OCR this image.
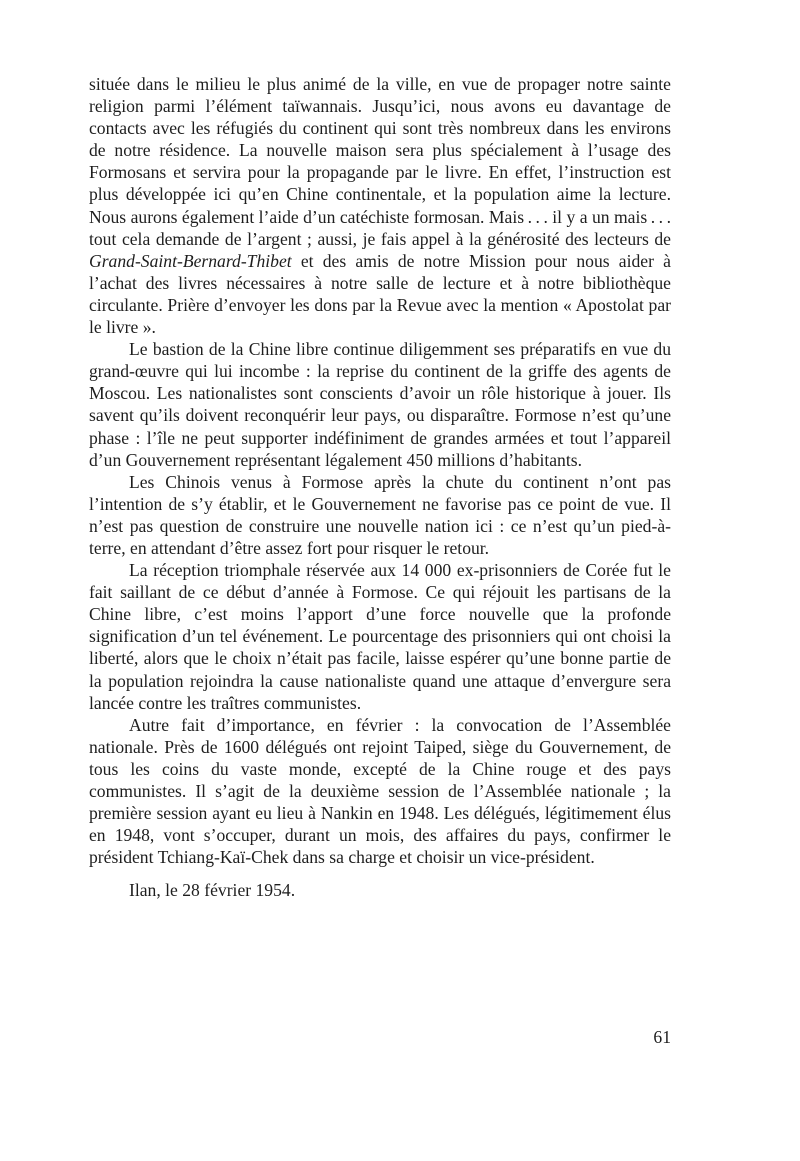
située dans le milieu le plus animé de la ville, en vue de propager notre sainte religion parmi l’élément taïwannais. Jusqu’ici, nous avons eu davantage de contacts avec les réfugiés du continent qui sont très nombreux dans les environs de notre résidence. La nouvelle maison sera plus spécialement à l’usage des Formosans et servira pour la propagande par le livre. En effet, l’instruction est plus développée ici qu’en Chine continentale, et la population aime la lecture. Nous aurons également l’aide d’un catéchiste formosan. Mais . . . il y a un mais . . . tout cela demande de l’argent ; aussi, je fais appel à la générosité des lecteurs de Grand-Saint-Bernard-Thibet et des amis de notre Mission pour nous aider à l’achat des livres nécessaires à notre salle de lecture et à notre bibliothèque circulante. Prière d’envoyer les dons par la Revue avec la mention « Apostolat par le livre ».

Le bastion de la Chine libre continue diligemment ses préparatifs en vue du grand-œuvre qui lui incombe : la reprise du continent de la griffe des agents de Moscou. Les nationalistes sont conscients d’avoir un rôle historique à jouer. Ils savent qu’ils doivent reconquérir leur pays, ou disparaître. Formose n’est qu’une phase : l’île ne peut supporter indéfiniment de grandes armées et tout l’appareil d’un Gouvernement représentant légalement 450 millions d’habitants.

Les Chinois venus à Formose après la chute du continent n’ont pas l’intention de s’y établir, et le Gouvernement ne favorise pas ce point de vue. Il n’est pas question de construire une nouvelle nation ici : ce n’est qu’un pied-à-terre, en attendant d’être assez fort pour risquer le retour.

La réception triomphale réservée aux 14 000 ex-prisonniers de Corée fut le fait saillant de ce début d’année à Formose. Ce qui réjouit les partisans de la Chine libre, c’est moins l’apport d’une force nouvelle que la profonde signification d’un tel événement. Le pourcentage des prisonniers qui ont choisi la liberté, alors que le choix n’était pas facile, laisse espérer qu’une bonne partie de la population rejoindra la cause nationaliste quand une attaque d’envergure sera lancée contre les traîtres communistes.

Autre fait d’importance, en février : la convocation de l’Assemblée nationale. Près de 1600 délégués ont rejoint Taiped, siège du Gouvernement, de tous les coins du vaste monde, excepté de la Chine rouge et des pays communistes. Il s’agit de la deuxième session de l’Assemblée nationale ; la première session ayant eu lieu à Nankin en 1948. Les délégués, légitimement élus en 1948, vont s’occuper, durant un mois, des affaires du pays, confirmer le président Tchiang-Kaï-Chek dans sa charge et choisir un vice-président.

Ilan, le 28 février 1954.

61
